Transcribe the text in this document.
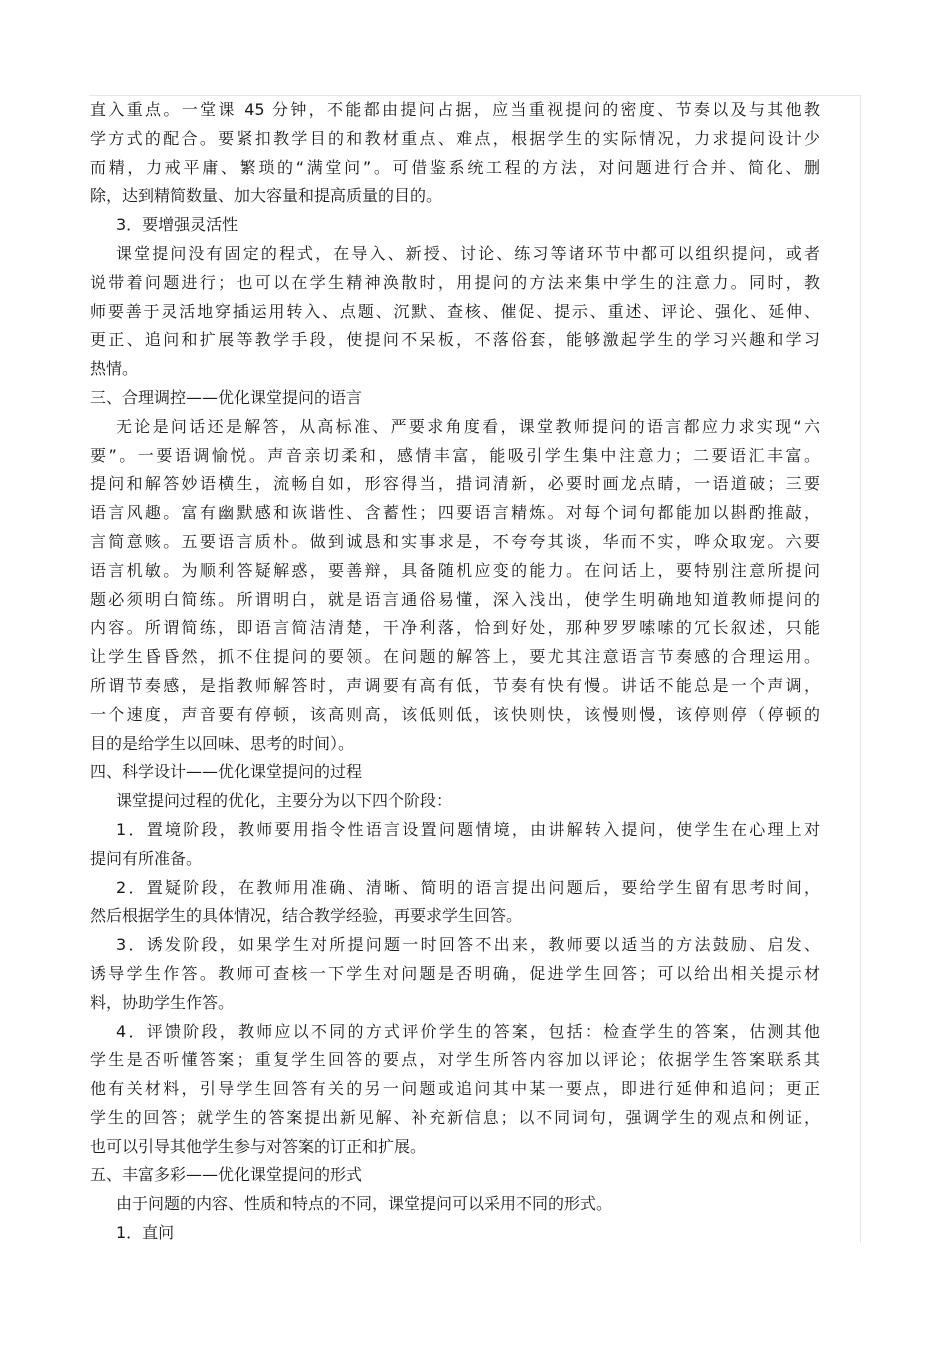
直入重点。一堂课 45 分钟，不能都由提问占据，应当重视提问的密度、节奏以及与其他教
学方式的配合。要紧扣教学目的和教材重点、难点，根据学生的实际情况，力求提问设计少
而精，力戒平庸、繁琐的“满堂问”。可借鉴系统工程的方法，对问题进行合并、简化、删
除，达到精简数量、加大容量和提高质量的目的。
3．要增强灵活性
课堂提问没有固定的程式，在导入、新授、讨论、练习等诸环节中都可以组织提问，或者
说带着问题进行；也可以在学生精神涣散时，用提问的方法来集中学生的注意力。同时，教
师要善于灵活地穿插运用转入、点题、沉默、查核、催促、提示、重述、评论、强化、延伸、
更正、追问和扩展等教学手段，使提问不呆板，不落俗套，能够激起学生的学习兴趣和学习
热情。
三、合理调控——优化课堂提问的语言
无论是问话还是解答，从高标准、严要求角度看，课堂教师提问的语言都应力求实现“六
要”。一要语调愉悦。声音亲切柔和，感情丰富，能吸引学生集中注意力；二要语汇丰富。
提问和解答妙语横生，流畅自如，形容得当，措词清新，必要时画龙点睛，一语道破；三要
语言风趣。富有幽默感和诙谐性、含蓄性；四要语言精炼。对每个词句都能加以斟酌推敲，
言简意赅。五要语言质朴。做到诚恳和实事求是，不夸夸其谈，华而不实，哗众取宠。六要
语言机敏。为顺利答疑解惑，要善辩，具备随机应变的能力。在问话上，要特别注意所提问
题必须明白简练。所谓明白，就是语言通俗易懂，深入浅出，使学生明确地知道教师提问的
内容。所谓简练，即语言简洁清楚，干净利落，恰到好处，那种罗罗嗦嗦的冗长叙述，只能
让学生昏昏然，抓不住提问的要领。在问题的解答上，要尤其注意语言节奏感的合理运用。
所谓节奏感，是指教师解答时，声调要有高有低，节奏有快有慢。讲话不能总是一个声调，
一个速度，声音要有停顿，该高则高，该低则低，该快则快，该慢则慢，该停则停（停顿的
目的是给学生以回味、思考的时间）。
四、科学设计——优化课堂提问的过程
课堂提问过程的优化，主要分为以下四个阶段：
1．置境阶段，教师要用指令性语言设置问题情境，由讲解转入提问，使学生在心理上对
提问有所准备。
2．置疑阶段，在教师用准确、清晰、简明的语言提出问题后，要给学生留有思考时间，
然后根据学生的具体情况，结合教学经验，再要求学生回答。
3．诱发阶段，如果学生对所提问题一时回答不出来，教师要以适当的方法鼓励、启发、
诱导学生作答。教师可查核一下学生对问题是否明确，促进学生回答；可以给出相关提示材
料，协助学生作答。
4．评馈阶段，教师应以不同的方式评价学生的答案，包括：检查学生的答案，估测其他
学生是否听懂答案；重复学生回答的要点，对学生所答内容加以评论；依据学生答案联系其
他有关材料，引导学生回答有关的另一问题或追问其中某一要点，即进行延伸和追问；更正
学生的回答；就学生的答案提出新见解、补充新信息；以不同词句，强调学生的观点和例证，
也可以引导其他学生参与对答案的订正和扩展。
五、丰富多彩——优化课堂提问的形式
由于问题的内容、性质和特点的不同，课堂提问可以采用不同的形式。
1．直问
